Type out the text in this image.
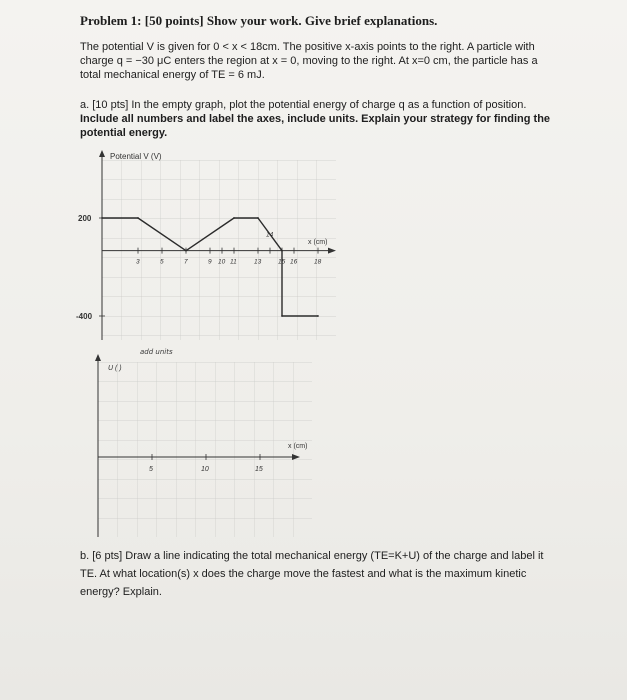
Problem 1: [50 points] Show your work. Give brief explanations.
The potential V is given for 0 < x < 18cm. The positive x-axis points to the right. A particle with
charge q = −30 μC enters the region at x = 0, moving to the right. At x=0 cm, the particle has a
total mechanical energy of TE = 6 mJ.
a. [10 pts] In the empty graph, plot the potential energy of charge q as a function of position.
Include all numbers and label the axes, include units. Explain your strategy for finding the
potential energy.
Potential V (V)
x (cm)
200
-400
3	5	7	9 10 11	13
14
15 16	18
add units
U ( )
x (cm)
5	10	15
b. [6 pts] Draw a line indicating the total mechanical energy (TE=K+U) of the charge and label it
TE. At what location(s) x does the charge move the fastest and what is the maximum kinetic
energy? Explain.
